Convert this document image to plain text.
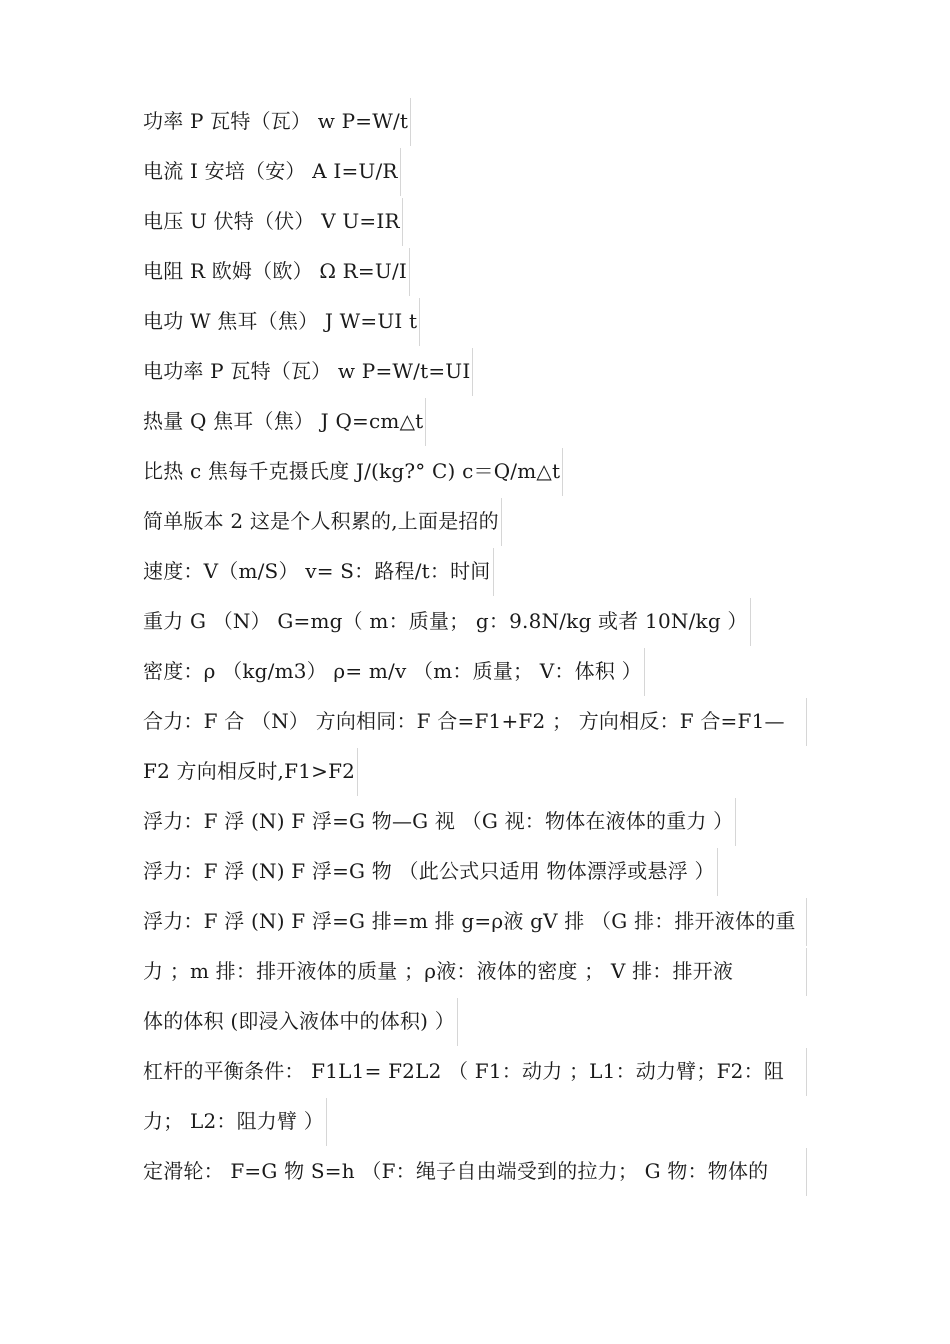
功率 P 瓦特（瓦） w P=W/t
电流 I 安培（安） A I=U/R
电压 U 伏特（伏） V U=IR
电阻 R 欧姆（欧） Ω R=U/I
电功 W 焦耳（焦） J W=UI t
电功率 P 瓦特（瓦） w P=W/t=UI
热量 Q 焦耳（焦） J Q=cm△t
比热 c 焦每千克摄氏度 J/(kg?° C) c＝Q/m△t
简单版本 2 这是个人积累的,上面是招的
速度：V（m/S） v= S：路程/t：时间
重力 G （N） G=mg（ m：质量； g：9.8N/kg 或者 10N/kg ）
密度：ρ （kg/m3） ρ= m/v （m：质量； V：体积 ）
合力：F 合 （N） 方向相同：F 合=F1+F2 ； 方向相反：F 合=F1—
F2 方向相反时,F1>F2
浮力：F 浮 (N) F 浮=G 物—G 视 （G 视：物体在液体的重力 ）
浮力：F 浮 (N) F 浮=G 物 （此公式只适用 物体漂浮或悬浮 ）
浮力：F 浮 (N) F 浮=G 排=m 排 g=ρ液 gV 排 （G 排：排开液体的重
力 ；m 排：排开液体的质量 ；ρ液：液体的密度 ； V 排：排开液
体的体积 (即浸入液体中的体积) ）
杠杆的平衡条件： F1L1= F2L2 （ F1：动力 ；L1：动力臂；F2：阻
力； L2：阻力臂 ）
定滑轮： F=G 物 S=h （F：绳子自由端受到的拉力； G 物：物体的
